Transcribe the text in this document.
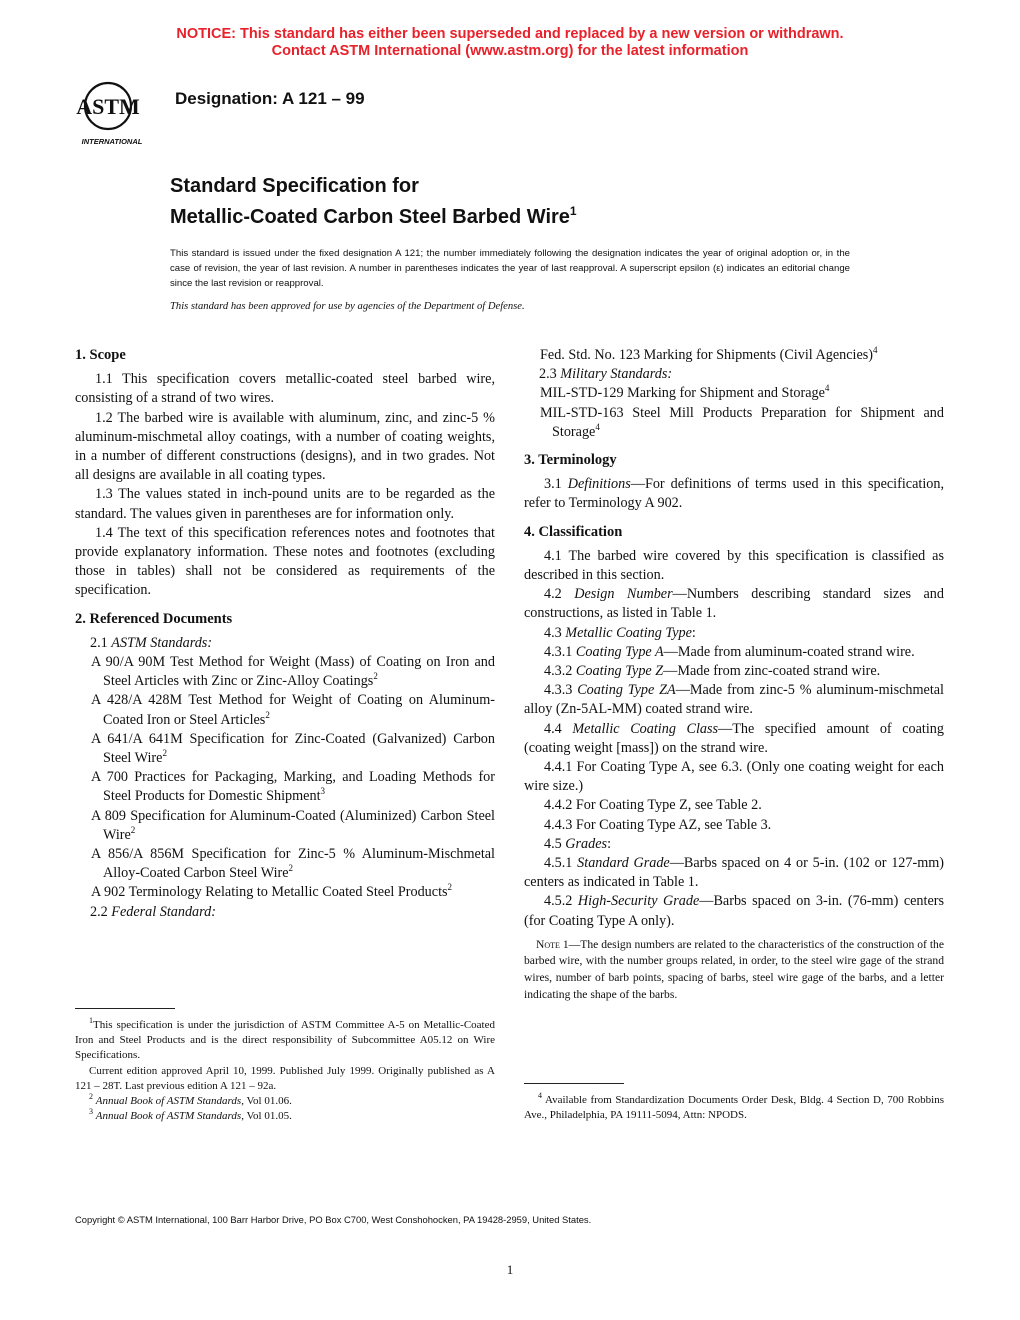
NOTICE: This standard has either been superseded and replaced by a new version or withdrawn.
Contact ASTM International (www.astm.org) for the latest information
ASTM
INTERNATIONAL
Designation: A 121 – 99
Standard Specification for
Metallic-Coated Carbon Steel Barbed Wire$^1$
This standard is issued under the fixed designation A 121; the number immediately following the designation indicates the year of original adoption or, in the case of revision, the year of last revision. A number in parentheses indicates the year of last reapproval. A superscript epsilon (ε) indicates an editorial change since the last revision or reapproval.
This standard has been approved for use by agencies of the Department of Defense.
1. Scope

1.1 This specification covers metallic-coated steel barbed wire, consisting of a strand of two wires.

1.2 The barbed wire is available with aluminum, zinc, and zinc-5 % aluminum-mischmetal alloy coatings, with a number of coating weights, in a number of different constructions (designs), and in two grades. Not all designs are available in all coating types.

1.3 The values stated in inch-pound units are to be regarded as the standard. The values given in parentheses are for information only.

1.4 The text of this specification references notes and footnotes that provide explanatory information. These notes and footnotes (excluding those in tables) shall not be considered as requirements of the specification.

2. Referenced Documents

2.1 ASTM Standards:

A 90/A 90M Test Method for Weight (Mass) of Coating on Iron and Steel Articles with Zinc or Zinc-Alloy Coatings$^2$

A 428/A 428M Test Method for Weight of Coating on Aluminum-Coated Iron or Steel Articles$^2$

A 641/A 641M Specification for Zinc-Coated (Galvanized) Carbon Steel Wire$^2$

A 700 Practices for Packaging, Marking, and Loading Methods for Steel Products for Domestic Shipment$^3$

A 809 Specification for Aluminum-Coated (Aluminized) Carbon Steel Wire$^2$

A 856/A 856M Specification for Zinc-5 % Aluminum-Mischmetal Alloy-Coated Carbon Steel Wire$^2$

A 902 Terminology Relating to Metallic Coated Steel Products$^2$

2.2 Federal Standard:

Fed. Std. No. 123 Marking for Shipments (Civil Agencies)$^4$

2.3 Military Standards:

MIL-STD-129 Marking for Shipment and Storage$^4$

MIL-STD-163 Steel Mill Products Preparation for Shipment and Storage$^4$

3. Terminology

3.1 Definitions—For definitions of terms used in this specification, refer to Terminology A 902.

4. Classification

4.1 The barbed wire covered by this specification is classified as described in this section.

4.2 Design Number—Numbers describing standard sizes and constructions, as listed in Table 1.

4.3 Metallic Coating Type:

4.3.1 Coating Type A—Made from aluminum-coated strand wire.

4.3.2 Coating Type Z—Made from zinc-coated strand wire.

4.3.3 Coating Type ZA—Made from zinc-5 % aluminum-mischmetal alloy (Zn-5AL-MM) coated strand wire.

4.4 Metallic Coating Class—The specified amount of coating (coating weight [mass]) on the strand wire.

4.4.1 For Coating Type A, see 6.3. (Only one coating weight for each wire size.)

4.4.2 For Coating Type Z, see Table 2.

4.4.3 For Coating Type AZ, see Table 3.

4.5 Grades:

4.5.1 Standard Grade—Barbs spaced on 4 or 5-in. (102 or 127-mm) centers as indicated in Table 1.

4.5.2 High-Security Grade—Barbs spaced on 3-in. (76-mm) centers (for Coating Type A only).

Note 1—The design numbers are related to the characteristics of the construction of the barbed wire, with the number groups related, in order, to the steel wire gage of the strand wires, number of barb points, spacing of barbs, steel wire gage of the barbs, and a letter indicating the shape of the barbs.

$^1$This specification is under the jurisdiction of ASTM Committee A-5 on Metallic-Coated Iron and Steel Products and is the direct responsibility of Subcommittee A05.12 on Wire Specifications.

Current edition approved April 10, 1999. Published July 1999. Originally published as A 121 – 28T. Last previous edition A 121 – 92a.

$^2$ Annual Book of ASTM Standards, Vol 01.06.

$^3$ Annual Book of ASTM Standards, Vol 01.05.

$^4$ Available from Standardization Documents Order Desk, Bldg. 4 Section D, 700 Robbins Ave., Philadelphia, PA 19111-5094, Attn: NPODS.

Copyright © ASTM International, 100 Barr Harbor Drive, PO Box C700, West Conshohocken, PA 19428-2959, United States.
1
